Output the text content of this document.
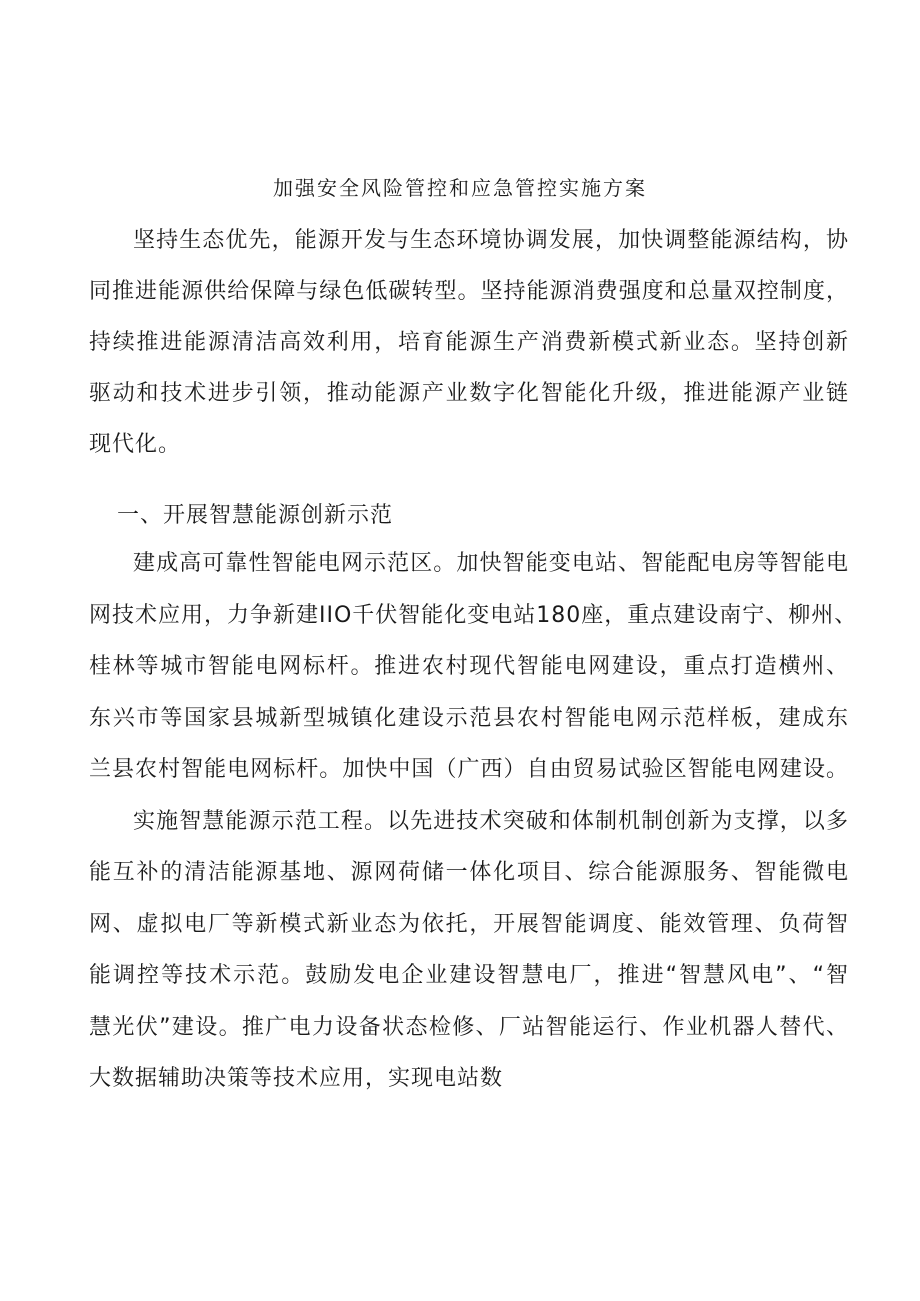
加强安全风险管控和应急管控实施方案
坚持生态优先，能源开发与生态环境协调发展，加快调整能源结构，协
同推进能源供给保障与绿色低碳转型。坚持能源消费强度和总量双控制度，
持续推进能源清洁高效利用，培育能源生产消费新模式新业态。坚持创新
驱动和技术进步引领，推动能源产业数字化智能化升级，推进能源产业链
现代化。
一、开展智慧能源创新示范
建成高可靠性智能电网示范区。加快智能变电站、智能配电房等智能电
网技术应用，力争新建IIO千伏智能化变电站180座，重点建设南宁、柳州、
桂林等城市智能电网标杆。推进农村现代智能电网建设，重点打造横州、
东兴市等国家县城新型城镇化建设示范县农村智能电网示范样板，建成东
兰县农村智能电网标杆。加快中国（广西）自由贸易试验区智能电网建设。
实施智慧能源示范工程。以先进技术突破和体制机制创新为支撑，以多
能互补的清洁能源基地、源网荷储一体化项目、综合能源服务、智能微电
网、虚拟电厂等新模式新业态为依托，开展智能调度、能效管理、负荷智
能调控等技术示范。鼓励发电企业建设智慧电厂，推进“智慧风电”、“智
慧光伏”建设。推广电力设备状态检修、厂站智能运行、作业机器人替代、
大数据辅助决策等技术应用，实现电站数
